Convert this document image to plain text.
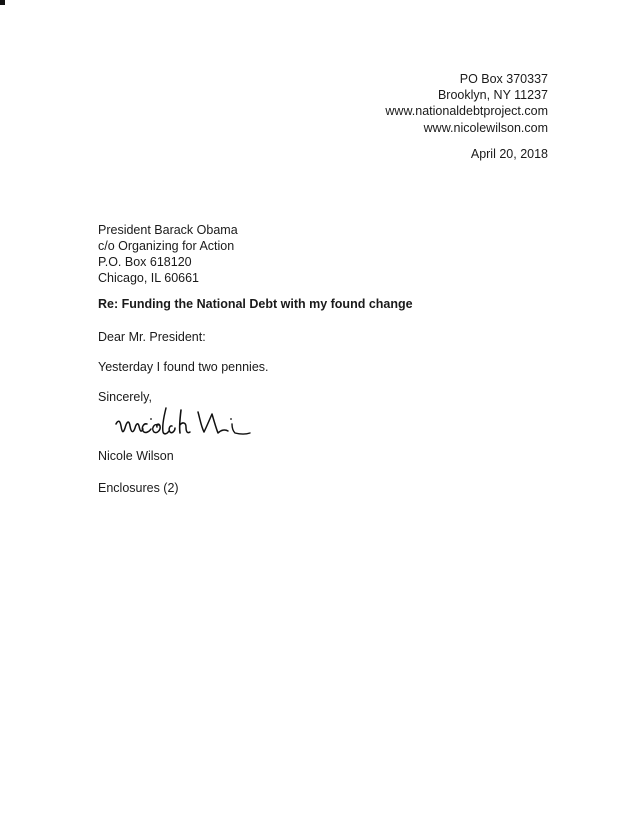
PO Box 370337
Brooklyn, NY 11237
www.nationaldebtproject.com
www.nicolewilson.com
April 20, 2018
President Barack Obama
c/o Organizing for Action
P.O. Box 618120
Chicago, IL 60661
Re: Funding the National Debt with my found change
Dear Mr. President:
Yesterday I found two pennies.
Sincerely,
Nicole Wilson
Enclosures (2)
